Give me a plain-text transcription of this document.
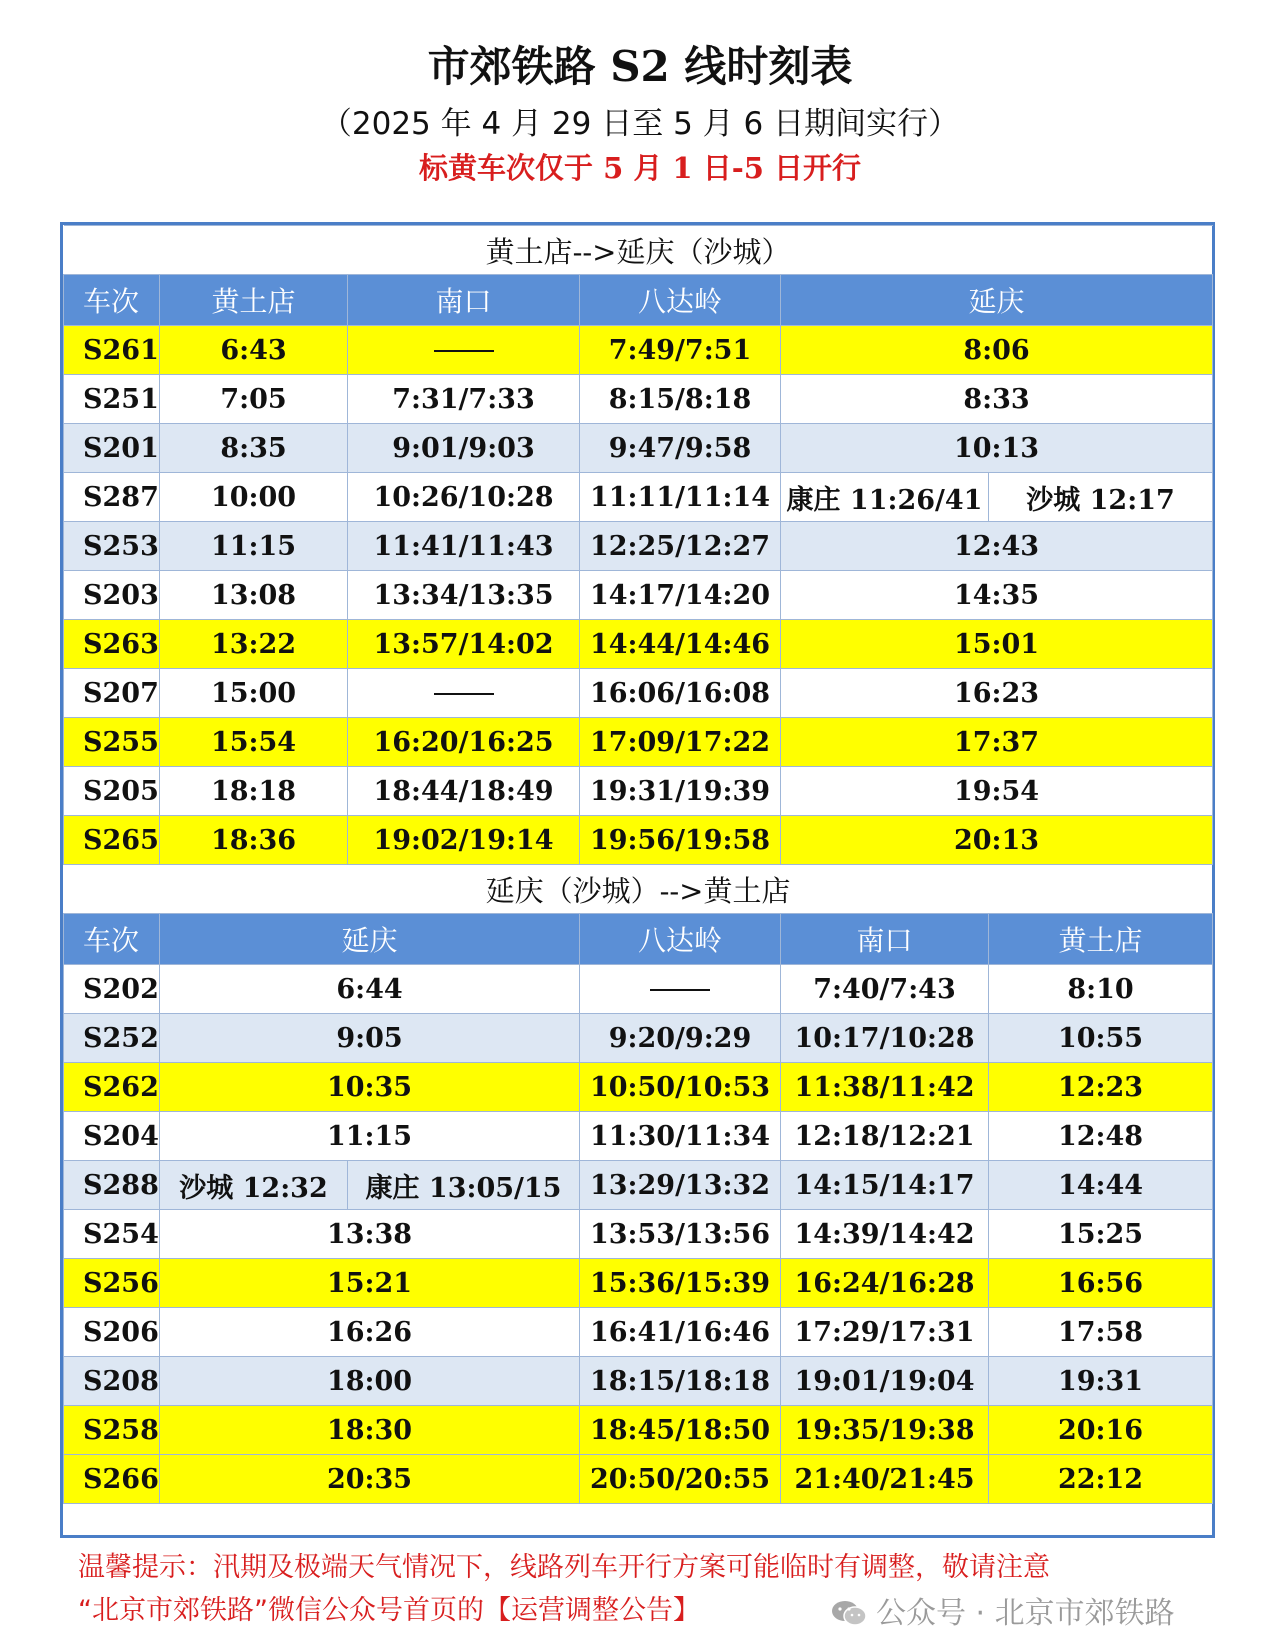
市郊铁路 S2 线时刻表
（2025 年 4 月 29 日至 5 月 6 日期间实行）
标黄车次仅于 5 月 1 日-5 日开行
黄土店-->延庆（沙城）					
车次	黄土店	南口	八达岭	延庆	
S261	6:43		7:49/7:51	8:06	
S251	7:05	7:31/7:33	8:15/8:18	8:33	
S201	8:35	9:01/9:03	9:47/9:58	10:13	
S287	10:00	10:26/10:28	11:11/11:14	康庄 11:26/41	沙城 12:17
S253	11:15	11:41/11:43	12:25/12:27	12:43	
S203	13:08	13:34/13:35	14:17/14:20	14:35	
S263	13:22	13:57/14:02	14:44/14:46	15:01	
S207	15:00		16:06/16:08	16:23	
S255	15:54	16:20/16:25	17:09/17:22	17:37	
S205	18:18	18:44/18:49	19:31/19:39	19:54	
S265	18:36	19:02/19:14	19:56/19:58	20:13	
延庆（沙城）-->黄土店					
车次	延庆		八达岭	南口	黄土店
S202	6:44			7:40/7:43	8:10
S252	9:05		9:20/9:29	10:17/10:28	10:55
S262	10:35		10:50/10:53	11:38/11:42	12:23
S204	11:15		11:30/11:34	12:18/12:21	12:48
S288	沙城 12:32	康庄 13:05/15	13:29/13:32	14:15/14:17	14:44
S254	13:38		13:53/13:56	14:39/14:42	15:25
S256	15:21		15:36/15:39	16:24/16:28	16:56
S206	16:26		16:41/16:46	17:29/17:31	17:58
S208	18:00		18:15/18:18	19:01/19:04	19:31
S258	18:30		18:45/18:50	19:35/19:38	20:16
S266	20:35		20:50/20:55	21:40/21:45	22:12
温馨提示：汛期及极端天气情况下，线路列车开行方案可能临时有调整，敬请注意
“北京市郊铁路”微信公众号首页的【运营调整公告】	公众号 · 北京市郊铁路
